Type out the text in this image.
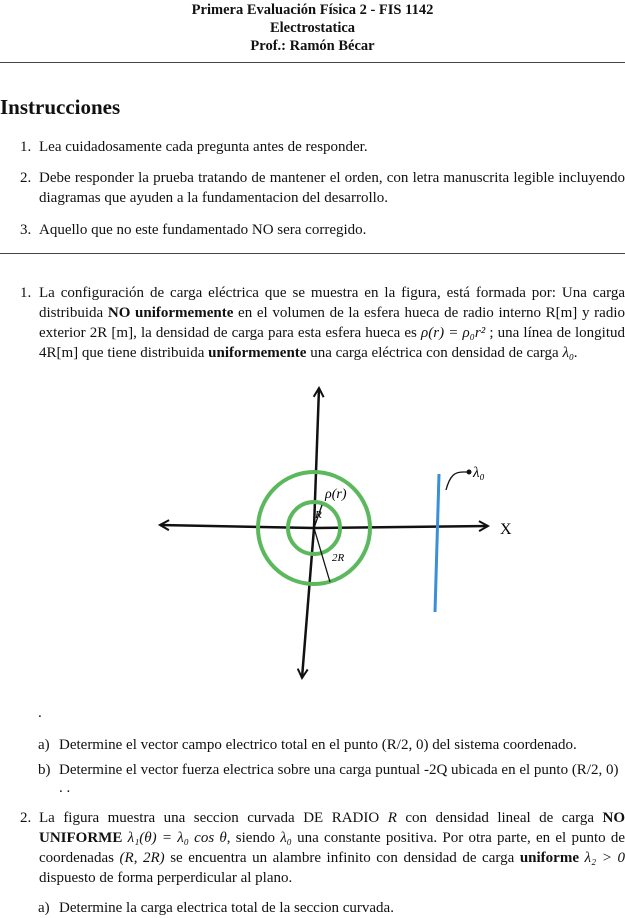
Primera Evaluación Física 2 - FIS 1142
Electrostatica
Prof.: Ramón Bécar
Instrucciones
1. Lea cuidadosamente cada pregunta antes de responder.
2. Debe responder la prueba tratando de mantener el orden, con letra manuscrita legible incluyendo diagramas que ayuden a la fundamentacion del desarrollo.
3. Aquello que no este fundamentado NO sera corregido.
1. La configuración de carga eléctrica que se muestra en la figura, está formada por: Una carga distribuida NO uniformemente en el volumen de la esfera hueca de radio interno R[m] y radio exterior 2R [m], la densidad de carga para esta esfera hueca es ρ(r) = ρ₀r² ; una línea de longitud 4R[m] que tiene distribuida uniformemente una carga eléctrica con densidad de carga λ₀.
ρ(r)
R
2R
λ₀
X
.
a) Determine el vector campo electrico total en el punto (R/2, 0) del sistema coordenado.
b) Determine el vector fuerza electrica sobre una carga puntual -2Q ubicada en el punto (R/2, 0)
. .
2. La figura muestra una seccion curvada DE RADIO R con densidad lineal de carga NO UNIFORME λ₁(θ) = λ₀ cos θ, siendo λ₀ una constante positiva. Por otra parte, en el punto de coordenadas (R, 2R) se encuentra un alambre infinito con densidad de carga uniforme λ₂ > 0 dispuesto de forma perperdicular al plano.
a) Determine la carga electrica total de la seccion curvada.
